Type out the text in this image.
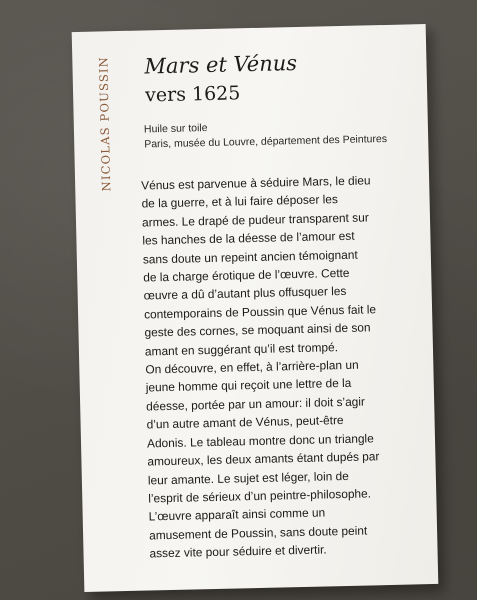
NICOLAS POUSSIN Mars et Vénus
vers 1625
Huile sur toile
Paris, musée du Louvre, département des Peintures
Vénus est parvenue à séduire Mars, le dieu
de la guerre, et à lui faire déposer les
armes. Le drapé de pudeur transparent sur
les hanches de la déesse de l’amour est
sans doute un repeint ancien témoignant
de la charge érotique de l’œuvre. Cette
œuvre a dû d’autant plus offusquer les
contemporains de Poussin que Vénus fait le
geste des cornes, se moquant ainsi de son
amant en suggérant qu’il est trompé.
On découvre, en effet, à l’arrière-plan un
jeune homme qui reçoit une lettre de la
déesse, portée par un amour: il doit s’agir
d’un autre amant de Vénus, peut-être
Adonis. Le tableau montre donc un triangle
amoureux, les deux amants étant dupés par
leur amante. Le sujet est léger, loin de
l’esprit de sérieux d’un peintre-philosophe.
L’œuvre apparaît ainsi comme un
amusement de Poussin, sans doute peint
assez vite pour séduire et divertir.
